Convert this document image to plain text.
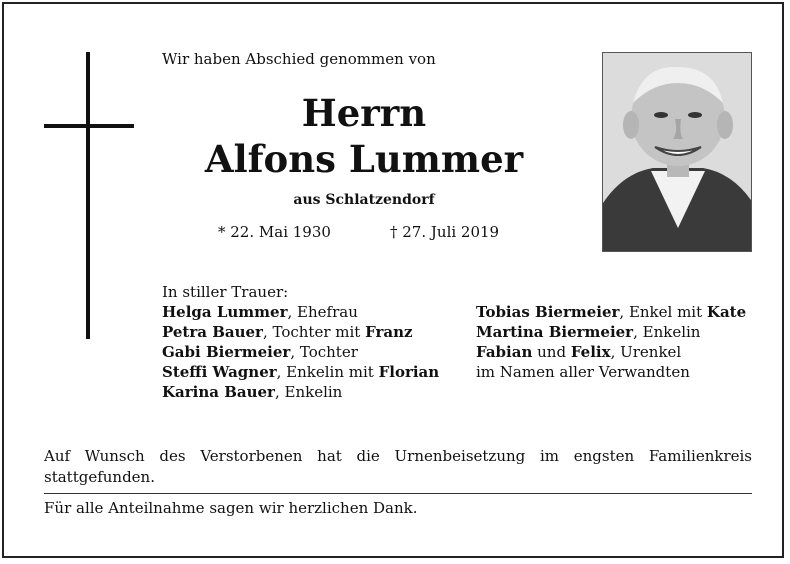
Wir haben Abschied genommen von
Herrn
Alfons Lummer
aus Schlatzendorf
* 22. Mai 1930	† 27. Juli 2019
In stiller Trauer:
Helga Lummer, Ehefrau
Petra Bauer, Tochter mit Franz
Gabi Biermeier, Tochter
Steffi Wagner, Enkelin mit Florian
Karina Bauer, Enkelin
Tobias Biermeier, Enkel mit Kate
Martina Biermeier, Enkelin
Fabian und Felix, Urenkel
im Namen aller Verwandten
Auf Wunsch des Verstorbenen hat die Urnenbeisetzung im engsten Familienkreis stattgefunden.
Für alle Anteilnahme sagen wir herzlichen Dank.
